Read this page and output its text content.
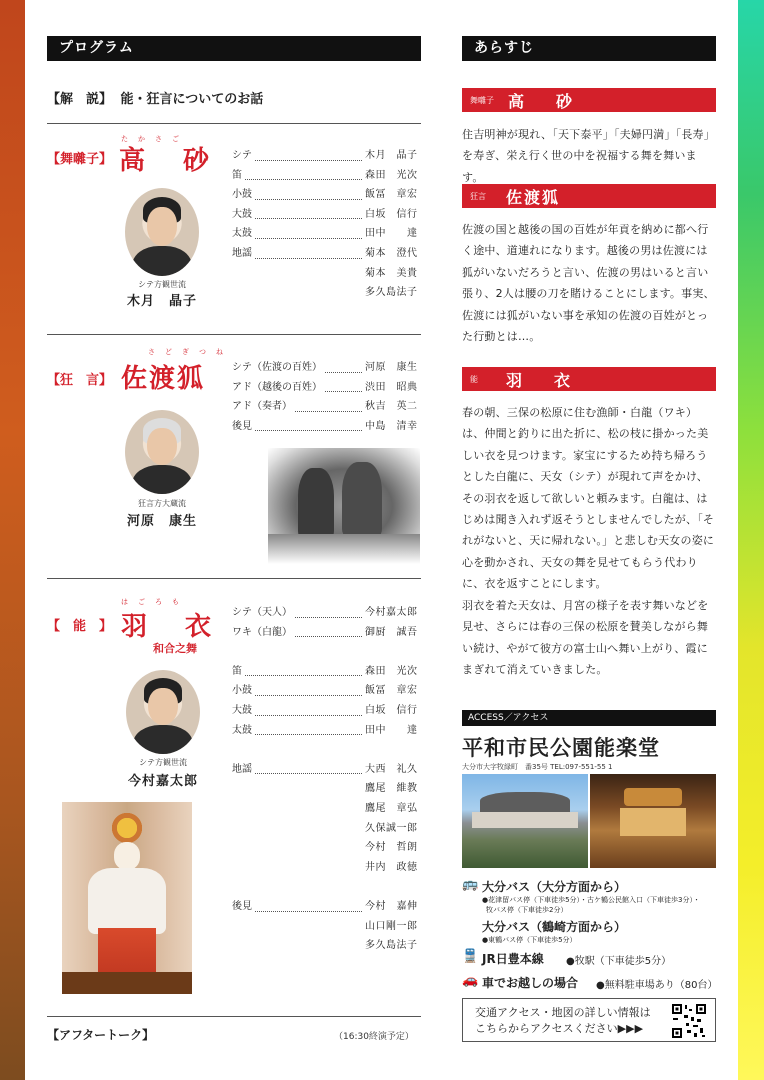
プログラム
【解　説】 能・狂言についてのお話
たかさご
【舞囃子】 高　砂
シテ方観世流
木月　晶子
シテ	木月　晶子
笛	森田　光次
小鼓	飯冨　章宏
大鼓	白坂　信行
太鼓	田中　　達
地謡	菊本　澄代
菊本　美貴
多久島法子
さどぎつね
【狂　言】 佐渡狐
狂言方大蔵流
河原　康生
シテ（佐渡の百姓）	河原　康生
アド（越後の百姓）	渋田　昭典
アド（奏者）	秋吉　英二
後見	中島　清幸
はごろも
【　能　】 羽　衣
和合之舞
シテ方観世流
今村嘉太郎
シテ（天人）	今村嘉太郎
ワキ（白龍）	御厨　誠吾
笛	森田　光次
小鼓	飯冨　章宏
大鼓	白坂　信行
太鼓	田中　　達
地謡	大西　礼久
鷹尾　維教
鷹尾　章弘
久保誠一郎
今村　哲朗
井内　政徳
後見	今村　嘉伸
山口剛一郎
多久島法子
【アフタートーク】	（16:30終演予定）
あらすじ
舞囃子 高　砂
住吉明神が現れ、「天下泰平」「夫婦円満」「長寿」を寿ぎ、栄え行く世の中を祝福する舞を舞います。
狂言 佐渡狐
佐渡の国と越後の国の百姓が年貢を納めに都へ行く途中、道連れになります。越後の男は佐渡には狐がいないだろうと言い、佐渡の男はいると言い張り、2人は腰の刀を賭けることにします。事実、佐渡には狐がいない事を承知の佐渡の百姓がとった行動とは…。
能 羽　衣
春の朝、三保の松原に住む漁師・白龍（ワキ）は、仲間と釣りに出た折に、松の枝に掛かった美しい衣を見つけます。家宝にするため持ち帰ろうとした白龍に、天女（シテ）が現れて声をかけ、その羽衣を返して欲しいと頼みます。白龍は、はじめは聞き入れず返そうとしませんでしたが、「それがないと、天に帰れない。」と悲しむ天女の姿に心を動かされ、天女の舞を見せてもらう代わりに、衣を返すことにします。
羽衣を着た天女は、月宮の様子を表す舞いなどを見せ、さらには春の三保の松原を賛美しながら舞い続け、やがて彼方の富士山へ舞い上がり、霞にまぎれて消えていきました。
ACCESS／アクセス
平和市民公園能楽堂
大分市大字牧緑町　番35号 TEL:097-551-55 1
🚌 大分バス（大分方面から）
●花津留バス停（下車徒歩5分）・古ケ鶴公民館入口（下車徒歩3分）・
牧バス停（下車徒歩2分）
大分バス（鶴崎方面から）
●東鶴バス停（下車徒歩5分）
🚆 JR日豊本線 ●牧駅（下車徒歩5分）
🚗 車でお越しの場合 ●無料駐車場あり（80台）
交通アクセス・地図の詳しい情報は
こちらからアクセスください▶▶▶
